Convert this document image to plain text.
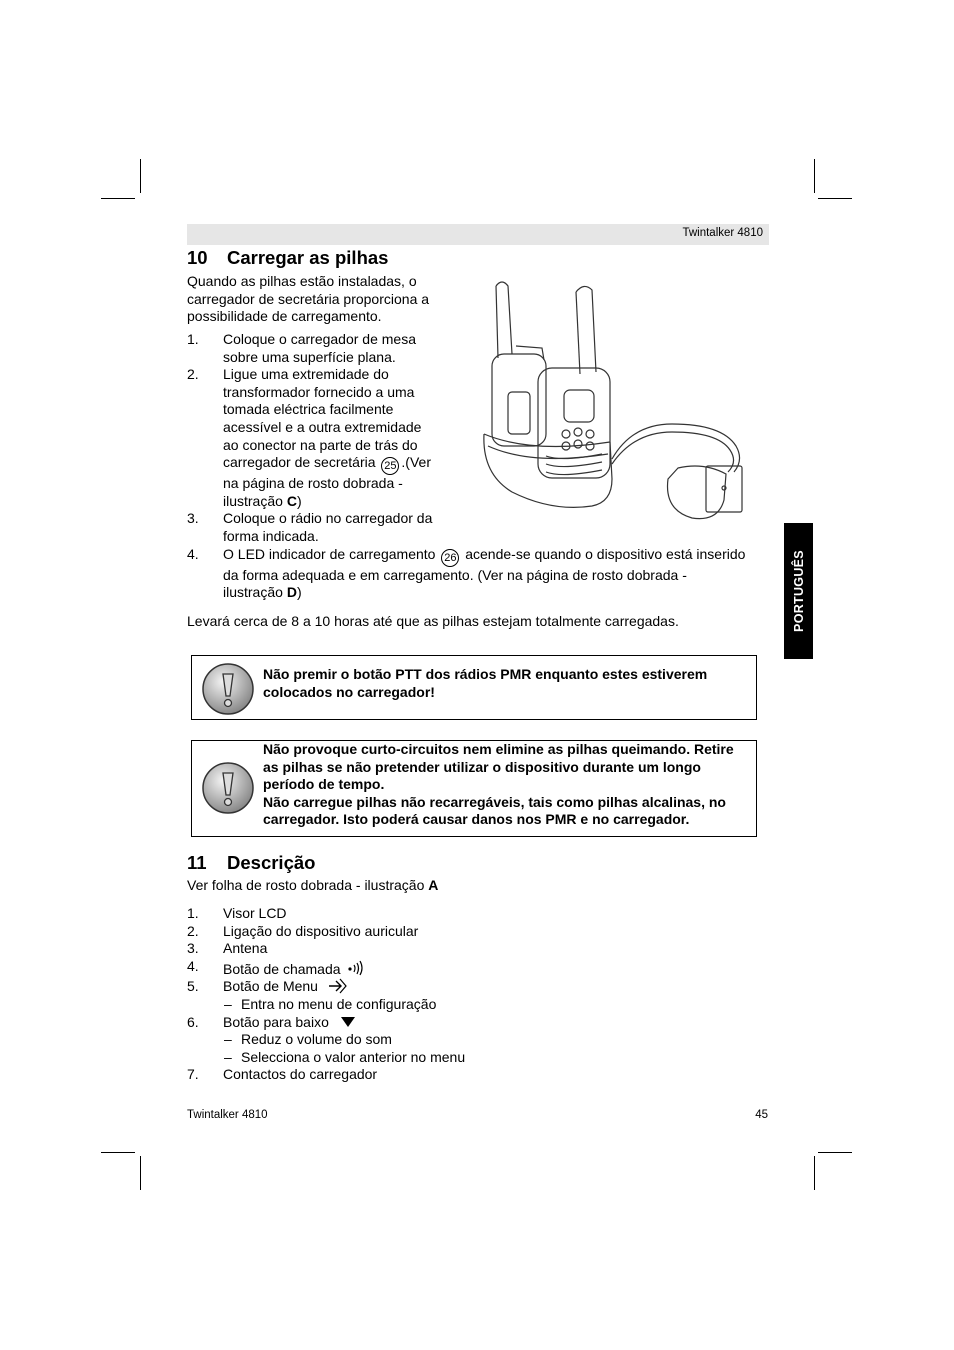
Twintalker 4810
PORTUGUÊS
10 Carregar as pilhas
Quando as pilhas estão instaladas, o
carregador de secretária proporciona a
possibilidade de carregamento.
1. Coloque o carregador de mesa
sobre uma superfície plana.
2. Ligue uma extremidade do
transformador fornecido a uma
tomada eléctrica facilmente
acessível e a outra extremidade
ao conector na parte de trás do
carregador de secretária 25 .(Ver
na página de rosto dobrada -
ilustração C)
3. Coloque o rádio no carregador da
forma indicada.
4. O LED indicador de carregamento 26 acende-se quando o dispositivo está inserido
da forma adequada e em carregamento. (Ver na página de rosto dobrada -
ilustração D)
Levará cerca de 8 a 10 horas até que as pilhas estejam totalmente carregadas.
Não premir o botão PTT dos rádios PMR enquanto estes estiverem
colocados no carregador!
Não provoque curto-circuitos nem elimine as pilhas queimando. Retire
as pilhas se não pretender utilizar o dispositivo durante um longo
período de tempo.
Não carregue pilhas não recarregáveis, tais como pilhas alcalinas, no
carregador. Isto poderá causar danos nos PMR e no carregador.
11 Descrição
Ver folha de rosto dobrada - ilustração A
1. Visor LCD
2. Ligação do dispositivo auricular
3. Antena
4. Botão de chamada
5. Botão de Menu
– Entra no menu de configuração
6. Botão para baixo
– Reduz o volume do som
– Selecciona o valor anterior no menu
7. Contactos do carregador
Twintalker 4810	45
